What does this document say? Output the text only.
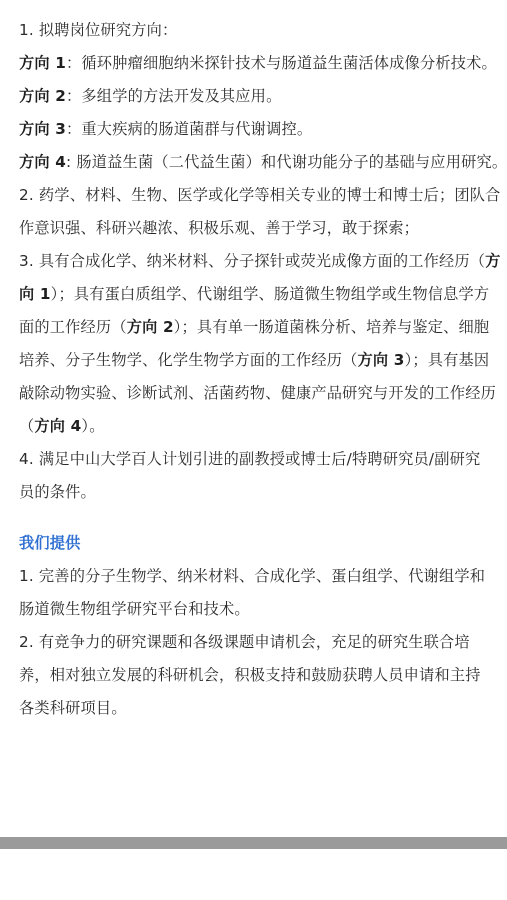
1. 拟聘岗位研究方向：
方向 1：循环肿瘤细胞纳米探针技术与肠道益生菌活体成像分析技术。
方向 2：多组学的方法开发及其应用。
方向 3：重大疾病的肠道菌群与代谢调控。
方向 4: 肠道益生菌（二代益生菌）和代谢功能分子的基础与应用研究。
2. 药学、材料、生物、医学或化学等相关专业的博士和博士后；团队合
作意识强、科研兴趣浓、积极乐观、善于学习，敢于探索；
3. 具有合成化学、纳米材料、分子探针或荧光成像方面的工作经历（方
向 1）；具有蛋白质组学、代谢组学、肠道微生物组学或生物信息学方
面的工作经历（方向 2）；具有单一肠道菌株分析、培养与鉴定、细胞
培养、分子生物学、化学生物学方面的工作经历（方向 3）；具有基因
敲除动物实验、诊断试剂、活菌药物、健康产品研究与开发的工作经历
（方向 4）。
4. 满足中山大学百人计划引进的副教授或博士后/特聘研究员/副研究
员的条件。
我们提供
1. 完善的分子生物学、纳米材料、合成化学、蛋白组学、代谢组学和
肠道微生物组学研究平台和技术。
2. 有竞争力的研究课题和各级课题申请机会，充足的研究生联合培
养，相对独立发展的科研机会，积极支持和鼓励获聘人员申请和主持
各类科研项目。
